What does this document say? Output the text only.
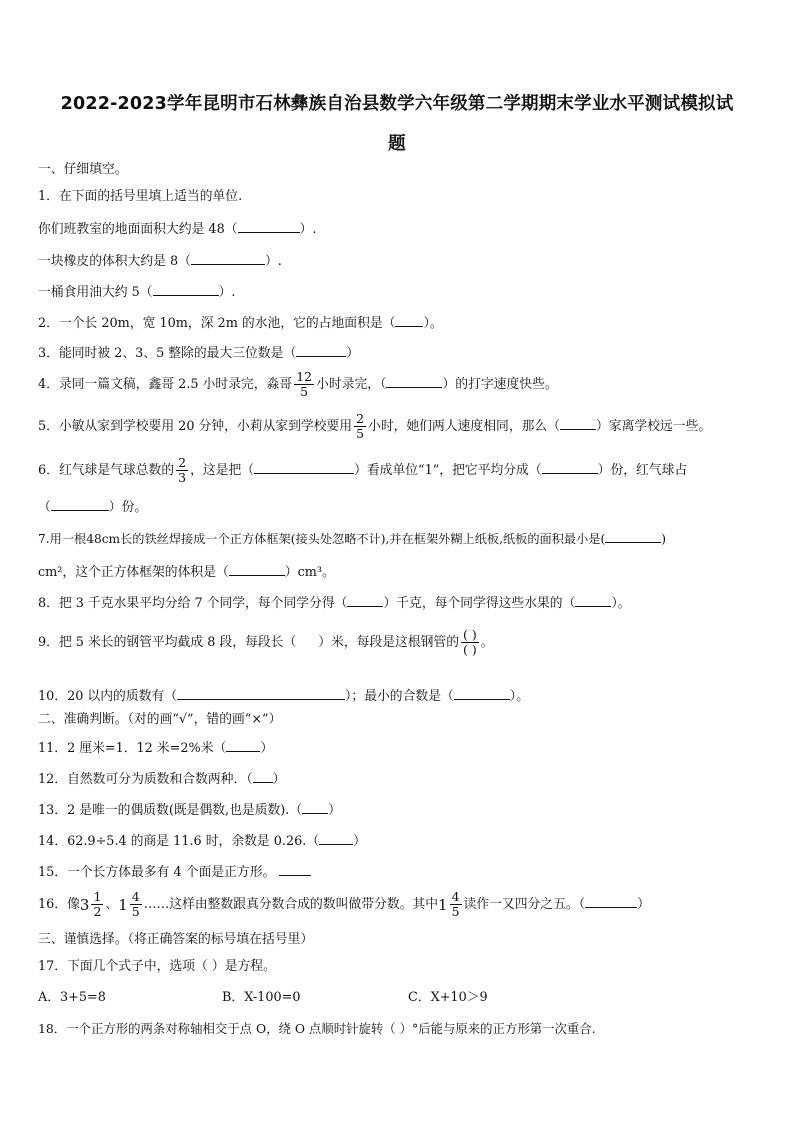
2022-2023学年昆明市石林彝族自治县数学六年级第二学期期末学业水平测试模拟试
题
一、仔细填空。
1．在下面的括号里填上适当的单位.
你们班教室的地面面积大约是 48（	）.
一块橡皮的体积大约是 8（	）.
一桶食用油大约 5（	）.
2．一个长 20m，宽 10m，深 2m 的水池，它的占地面积是（ ）。
3．能同时被 2、3、5 整除的最大三位数是（	）
4．录同一篇文稿，鑫哥 2.5 小时录完，淼哥 $\frac{12}{5}$ 小时录完，（	）的打字速度快些。
5．小敏从家到学校要用 20 分钟，小莉从家到学校要用 $\frac{2}{5}$ 小时，她们两人速度相同，那么（	）家离学校远一些。
6．红气球是气球总数的 $\frac{2}{3}$ ，这是把（	）看成单位“1”，把它平均分成（	）份，红气球占
（	）份。
7.用一根48cm长的铁丝焊接成一个正方体框架(接头处忽略不计),并在框架外糊上纸板,纸板的面积最小是(	)
cm²，这个正方体框架的体积是（	）cm³。
8．把 3 千克水果平均分给 7 个同学，每个同学分得（	）千克，每个同学得这些水果的（	）。
9．把 5 米长的钢管平均截成 8 段，每段长（ ）米，每段是这根钢管的 $\frac{( )}{( )}$ 。
10．20 以内的质数有（	）；最小的合数是（	）。
二、准确判断。（对的画“√”，错的画“×”）
11．2 厘米=1．12 米=2%米（	）
12．自然数可分为质数和合数两种．（ ）
13．2 是唯一的偶质数(既是偶数,也是质数).（ ）
14．62.9÷5.4 的商是 11.6 时，余数是 0.26.（	）
15．一个长方体最多有 4 个面是正方形。
16．像$3 \frac{1}{2}$ 、$1 \frac{4}{5}$ ……这样由整数跟真分数合成的数叫做带分数。其中$1 \frac{4}{5}$ 读作一又四分之五。（	）
三、谨慎选择。（将正确答案的标号填在括号里）
17．下面几个式子中，选项（ ）是方程。
A．3+5=8	B．X-100=0	C．X+10＞9
18．一个正方形的两条对称轴相交于点 O，绕 O 点顺时针旋转（ ）°后能与原来的正方形第一次重合.
